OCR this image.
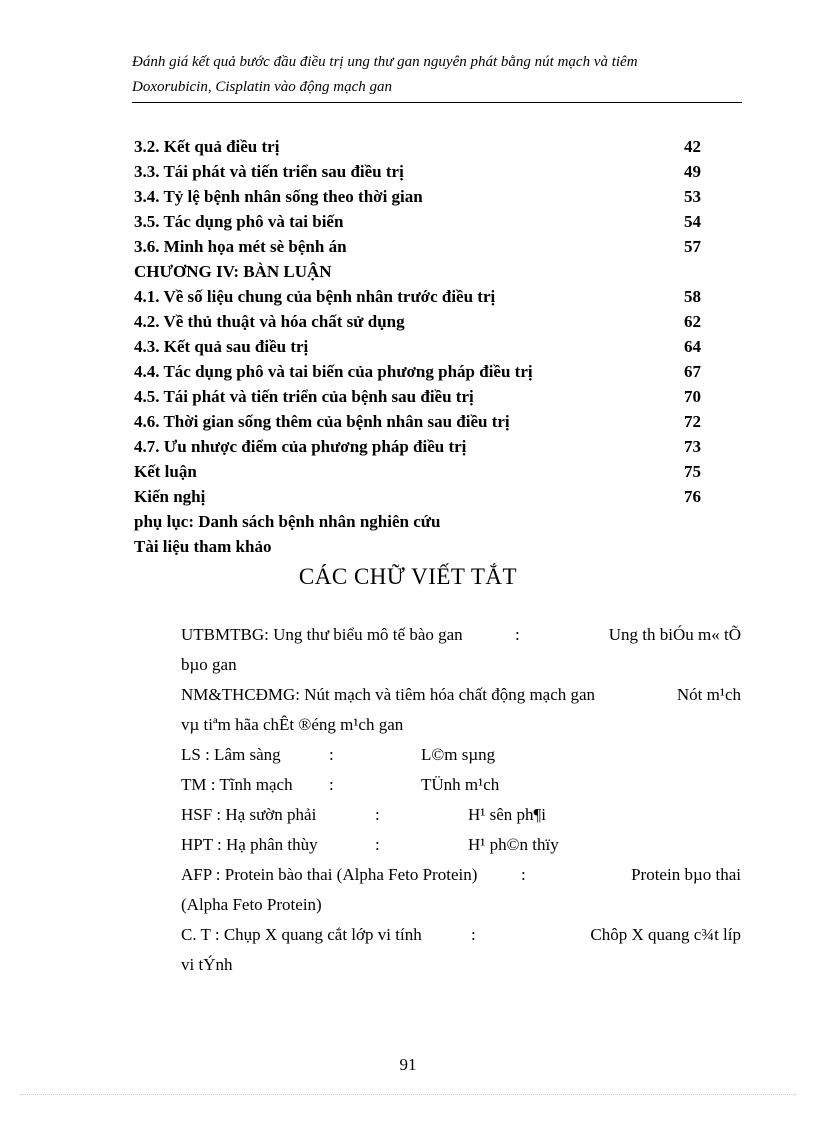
Đánh giá kết quả bước đầu điều trị ung thư gan nguyên phát bằng nút mạch và tiêm
Doxorubicin, Cisplatin vào động mạch gan
3.2. Kết quả điều trị	42
3.3. Tái phát và tiến triển sau điều trị	49
3.4. Tỷ lệ bệnh nhân sống theo thời gian	53
3.5. Tác dụng phô và tai biến	54
3.6. Minh họa mét sè bệnh án	57
CHƯƠNG IV: BÀN LUẬN
4.1. Về số liệu chung của bệnh nhân trước điều trị	58
4.2. Về thủ thuật và hóa chất sử dụng	62
4.3. Kết quả sau điều trị	64
4.4. Tác dụng phô và tai biến của phương pháp điều trị	67
4.5. Tái phát và tiến triển của bệnh sau điều trị	70
4.6. Thời gian sống thêm của bệnh nhân sau điều trị	72
4.7. Ưu nhược điểm của phương pháp điều trị	73
Kết luận	75
Kiến nghị	76
phụ lục: Danh sách bệnh nhân nghiên cứu
Tài liệu tham khảo
CÁC CHỮ VIẾT TẮT
UTBMTBG: Ung thư biểu mô tế bào gan	:	Ung th biÓu m« tÕ
bµo gan
NM&THCĐMG: Nút mạch và tiêm hóa chất động mạch gan	Nót m¹ch
vµ tiªm hãa chÊt ®éng m¹ch gan
LS : Lâm sàng	:	L©m sµng
TM : Tĩnh mạch :	TÜnh m¹ch
HSF : Hạ sườn phải	:	H¹ sên ph¶i
HPT : Hạ phân thùy	:	H¹ ph©n thïy
AFP : Protein bào thai (Alpha Feto Protein)	:	Protein bµo thai
(Alpha Feto Protein)
C. T : Chụp X quang cắt lớp vi tính	:	Chôp X quang c¾t líp
vi tÝnh
91
